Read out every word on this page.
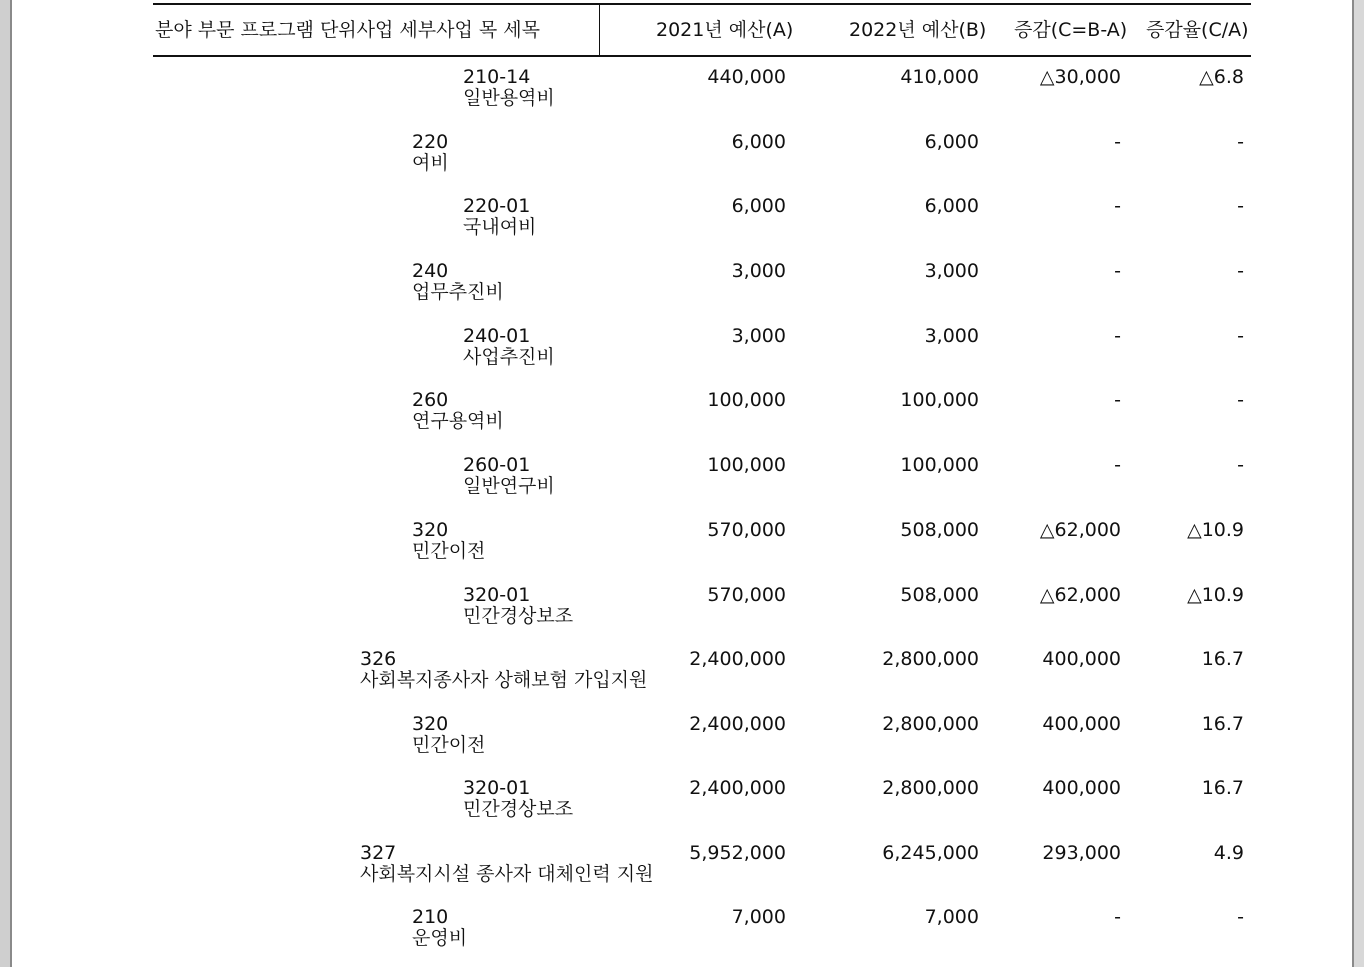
분야 부문 프로그램 단위사업 세부사업 목 세목	2021년 예산(A)	2022년 예산(B) 증감(C=B-A) 증감율(C/A)
210-14
일반용역비
440,000	410,000	△30,000	△6.8
220
여비
6,000	6,000	-	-
220-01
국내여비
6,000	6,000	-	-
240
업무추진비
3,000	3,000	-	-
240-01
사업추진비
3,000	3,000	-	-
260
연구용역비
100,000	100,000	-	-
260-01
일반연구비
100,000	100,000	-	-
320
민간이전
570,000	508,000	△62,000	△10.9
320-01
민간경상보조
570,000	508,000	△62,000	△10.9
326
사회복지종사자 상해보험 가입지원
2,400,000	2,800,000	400,000	16.7
320
민간이전
2,400,000	2,800,000	400,000	16.7
320-01
민간경상보조
2,400,000	2,800,000	400,000	16.7
327
사회복지시설 종사자 대체인력 지원
5,952,000	6,245,000	293,000	4.9
210
운영비
7,000	7,000	-	-
